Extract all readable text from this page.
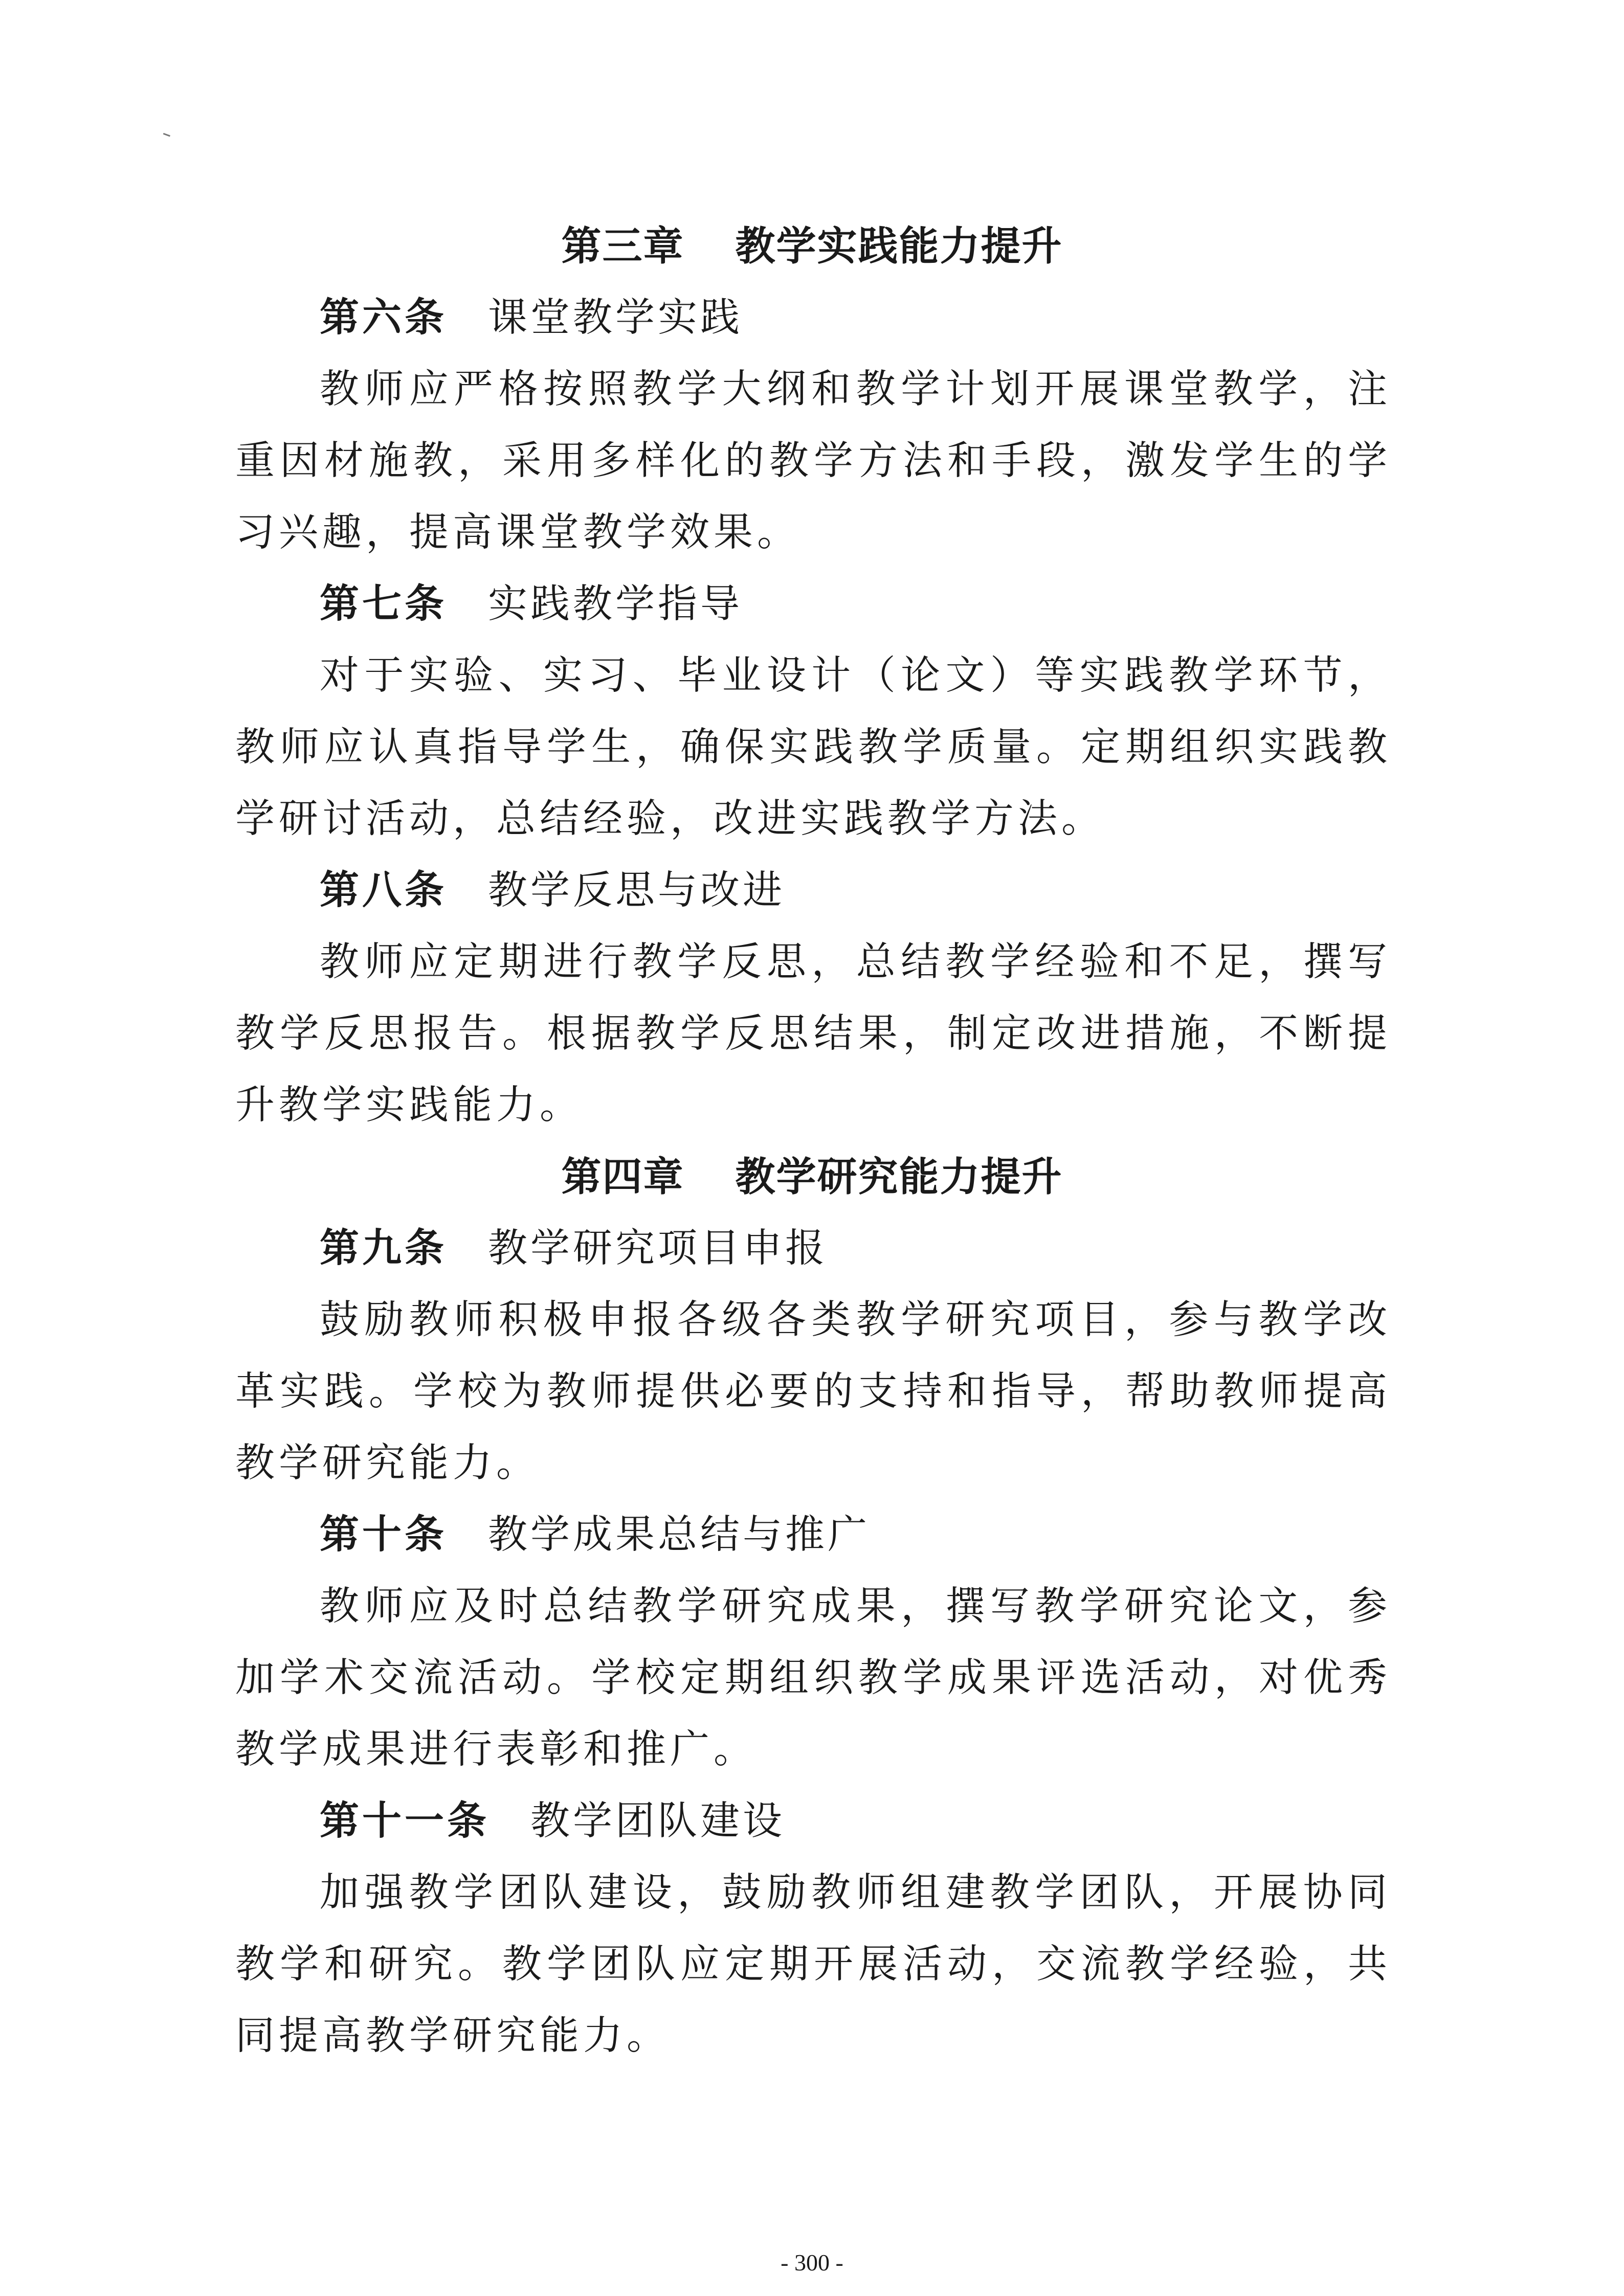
第三章 教学实践能力提升
第六条 课堂教学实践

教师应严格按照教学大纲和教学计划开展课堂教学，注重因材施教，采用多样化的教学方法和手段，激发学生的学习兴趣，提高课堂教学效果。

第七条 实践教学指导

对于实验、实习、毕业设计（论文）等实践教学环节，教师应认真指导学生，确保实践教学质量。定期组织实践教学研讨活动，总结经验，改进实践教学方法。

第八条 教学反思与改进

教师应定期进行教学反思，总结教学经验和不足，撰写教学反思报告。根据教学反思结果，制定改进措施，不断提升教学实践能力。

第四章 教学研究能力提升
第九条 教学研究项目申报

鼓励教师积极申报各级各类教学研究项目，参与教学改革实践。学校为教师提供必要的支持和指导，帮助教师提高教学研究能力。

第十条 教学成果总结与推广

教师应及时总结教学研究成果，撰写教学研究论文，参加学术交流活动。学校定期组织教学成果评选活动，对优秀教学成果进行表彰和推广。

第十一条 教学团队建设

加强教学团队建设，鼓励教师组建教学团队，开展协同教学和研究。教学团队应定期开展活动，交流教学经验，共同提高教学研究能力。

- 300 -
